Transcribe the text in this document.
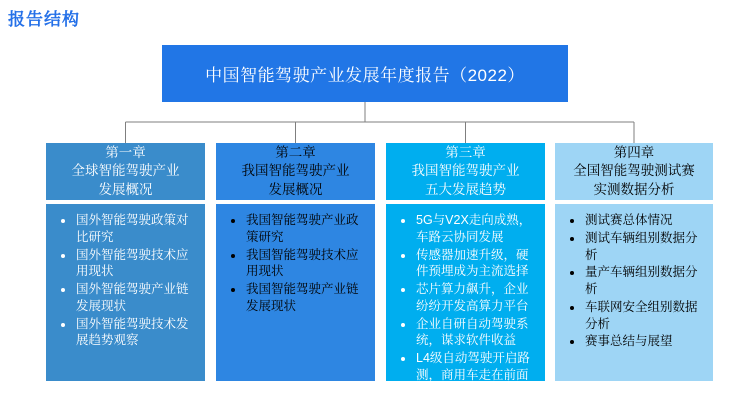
报告结构
中国智能驾驶产业发展年度报告（2022）
第一章
全球智能驾驶产业
发展概况
• 国外智能驾驶政策对比研究
• 国外智能驾驶技术应用现状
• 国外智能驾驶产业链发展现状
• 国外智能驾驶技术发展趋势观察
第二章
我国智能驾驶产业
发展概况
• 我国智能驾驶产业政策研究
• 我国智能驾驶技术应用现状
• 我国智能驾驶产业链发展现状
第三章
我国智能驾驶产业
五大发展趋势
• 5G与V2X走向成熟，车路云协同发展
• 传感器加速升级，硬件预埋成为主流选择
• 芯片算力飙升，企业纷纷开发高算力平台
• 企业自研自动驾驶系统，谋求软件收益
• L4级自动驾驶开启路测，商用车走在前面
第四章
全国智能驾驶测试赛
实测数据分析
• 测试赛总体情况
• 测试车辆组别数据分析
• 量产车辆组别数据分析
• 车联网安全组别数据分析
• 赛事总结与展望
